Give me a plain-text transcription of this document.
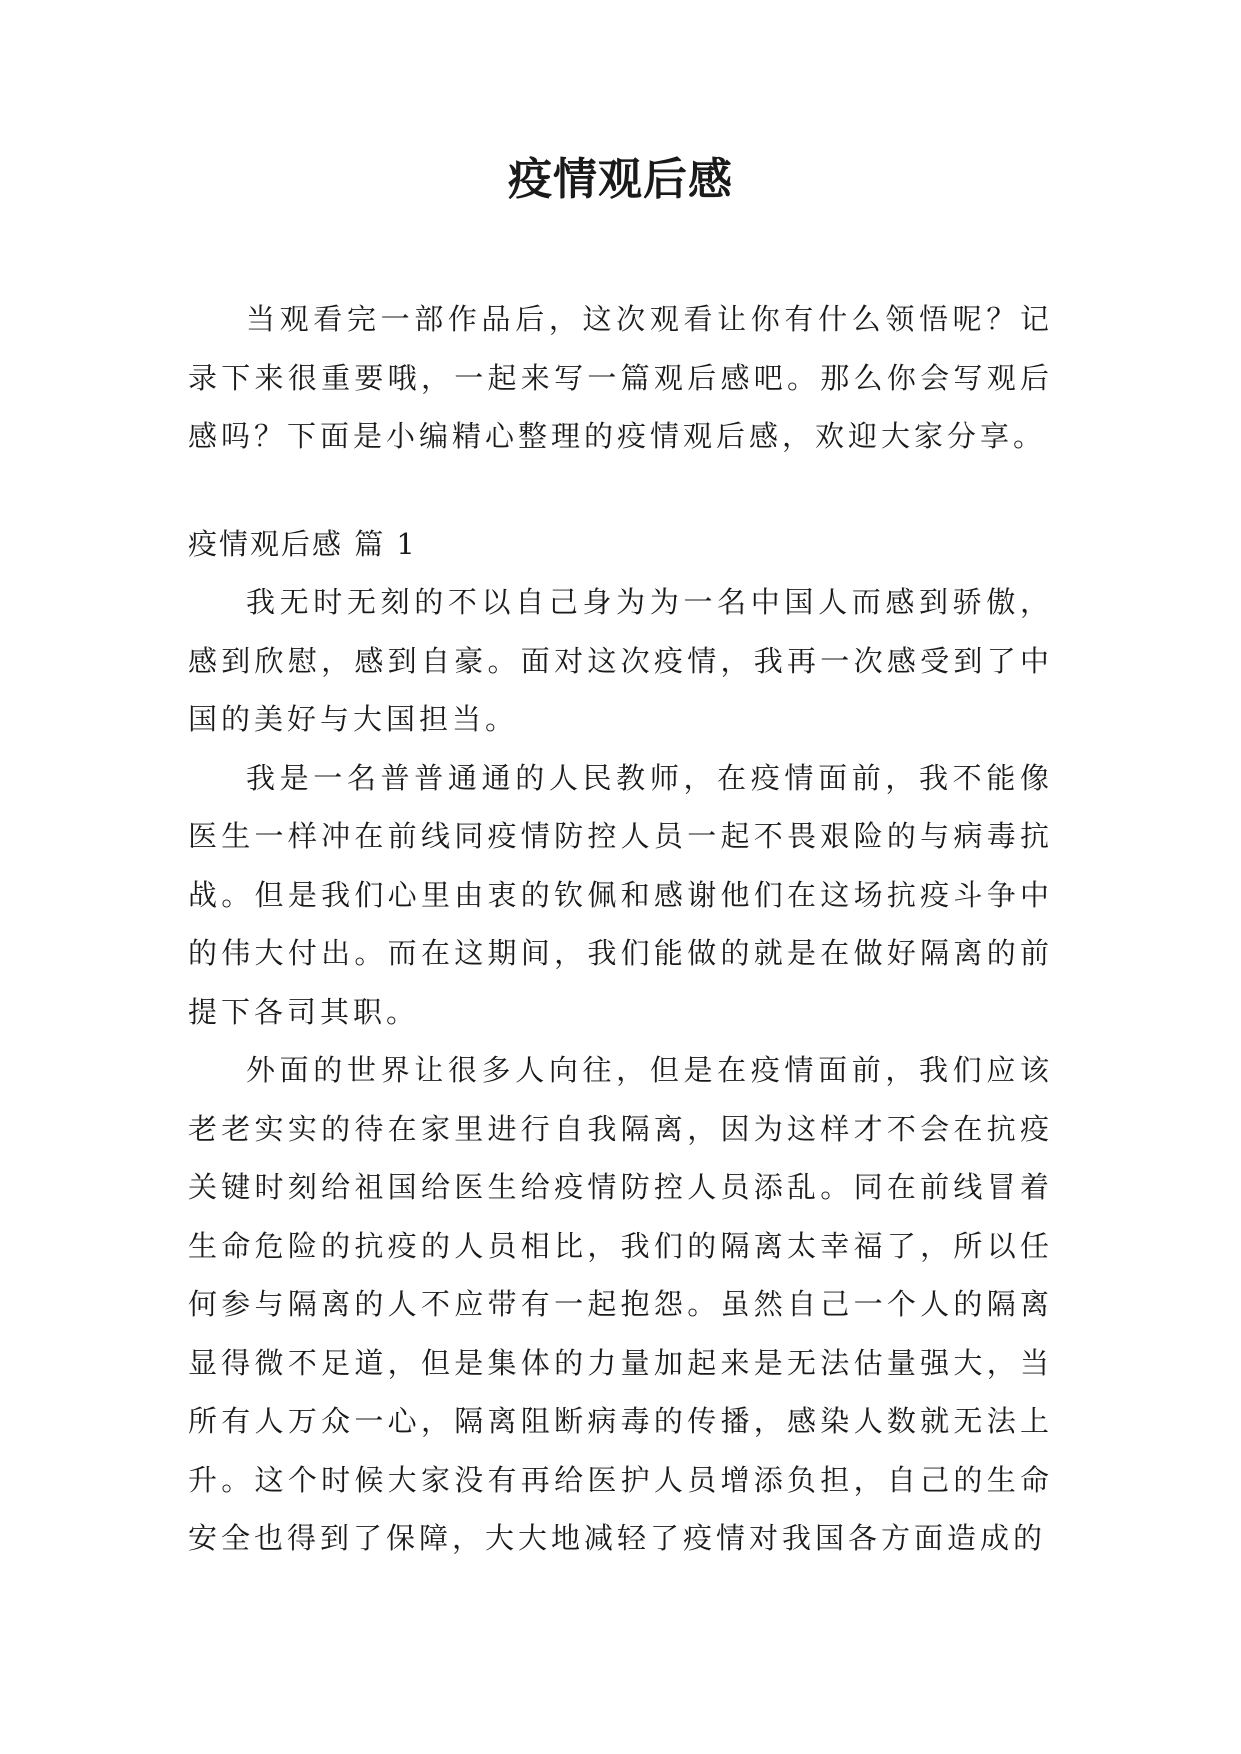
疫情观后感

当观看完一部作品后，这次观看让你有什么领悟呢？记录下来很重要哦，一起来写一篇观后感吧。那么你会写观后感吗？下面是小编精心整理的疫情观后感，欢迎大家分享。

疫情观后感 篇 1

我无时无刻的不以自己身为为一名中国人而感到骄傲，感到欣慰，感到自豪。面对这次疫情，我再一次感受到了中国的美好与大国担当。

我是一名普普通通的人民教师，在疫情面前，我不能像医生一样冲在前线同疫情防控人员一起不畏艰险的与病毒抗战。但是我们心里由衷的钦佩和感谢他们在这场抗疫斗争中的伟大付出。而在这期间，我们能做的就是在做好隔离的前提下各司其职。

外面的世界让很多人向往，但是在疫情面前，我们应该老老实实的待在家里进行自我隔离，因为这样才不会在抗疫关键时刻给祖国给医生给疫情防控人员添乱。同在前线冒着生命危险的抗疫的人员相比，我们的隔离太幸福了，所以任何参与隔离的人不应带有一起抱怨。虽然自己一个人的隔离显得微不足道，但是集体的力量加起来是无法估量强大，当所有人万众一心，隔离阻断病毒的传播，感染人数就无法上升。这个时候大家没有再给医护人员增添负担，自己的生命安全也得到了保障，大大地减轻了疫情对我国各方面造成的
